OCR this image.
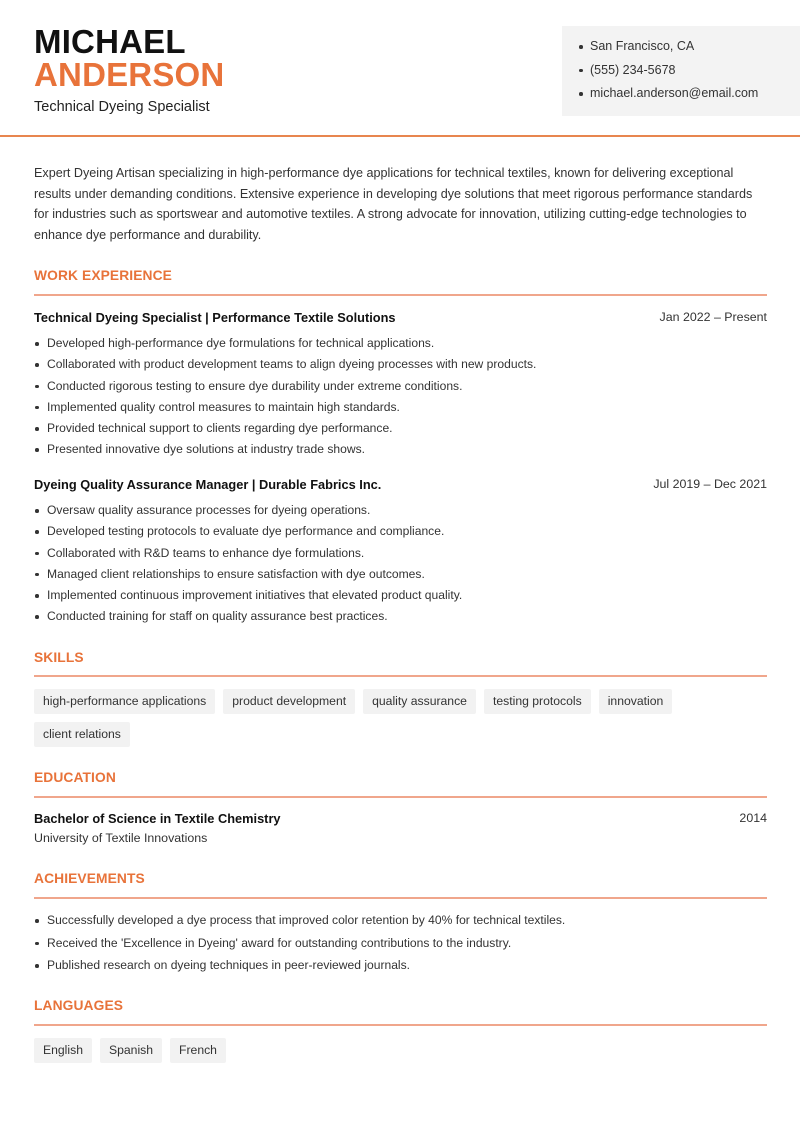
MICHAEL
ANDERSON
Technical Dyeing Specialist
San Francisco, CA
(555) 234-5678
michael.anderson@email.com

Expert Dyeing Artisan specializing in high-performance dye applications for technical textiles, known for delivering exceptional results under demanding conditions. Extensive experience in developing dye solutions that meet rigorous performance standards for industries such as sportswear and automotive textiles. A strong advocate for innovation, utilizing cutting-edge technologies to enhance dye performance and durability.

WORK EXPERIENCE
Technical Dyeing Specialist | Performance Textile Solutions	Jan 2022 – Present
Developed high-performance dye formulations for technical applications.
Collaborated with product development teams to align dyeing processes with new products.
Conducted rigorous testing to ensure dye durability under extreme conditions.
Implemented quality control measures to maintain high standards.
Provided technical support to clients regarding dye performance.
Presented innovative dye solutions at industry trade shows.
Dyeing Quality Assurance Manager | Durable Fabrics Inc.	Jul 2019 – Dec 2021
Oversaw quality assurance processes for dyeing operations.
Developed testing protocols to evaluate dye performance and compliance.
Collaborated with R&D teams to enhance dye formulations.
Managed client relationships to ensure satisfaction with dye outcomes.
Implemented continuous improvement initiatives that elevated product quality.
Conducted training for staff on quality assurance best practices.
SKILLS
high-performance applications	product development	quality assurance	testing protocols	innovation
client relations
EDUCATION
Bachelor of Science in Textile Chemistry	2014
University of Textile Innovations
ACHIEVEMENTS
Successfully developed a dye process that improved color retention by 40% for technical textiles.
Received the 'Excellence in Dyeing' award for outstanding contributions to the industry.
Published research on dyeing techniques in peer-reviewed journals.
LANGUAGES
English	Spanish	French
